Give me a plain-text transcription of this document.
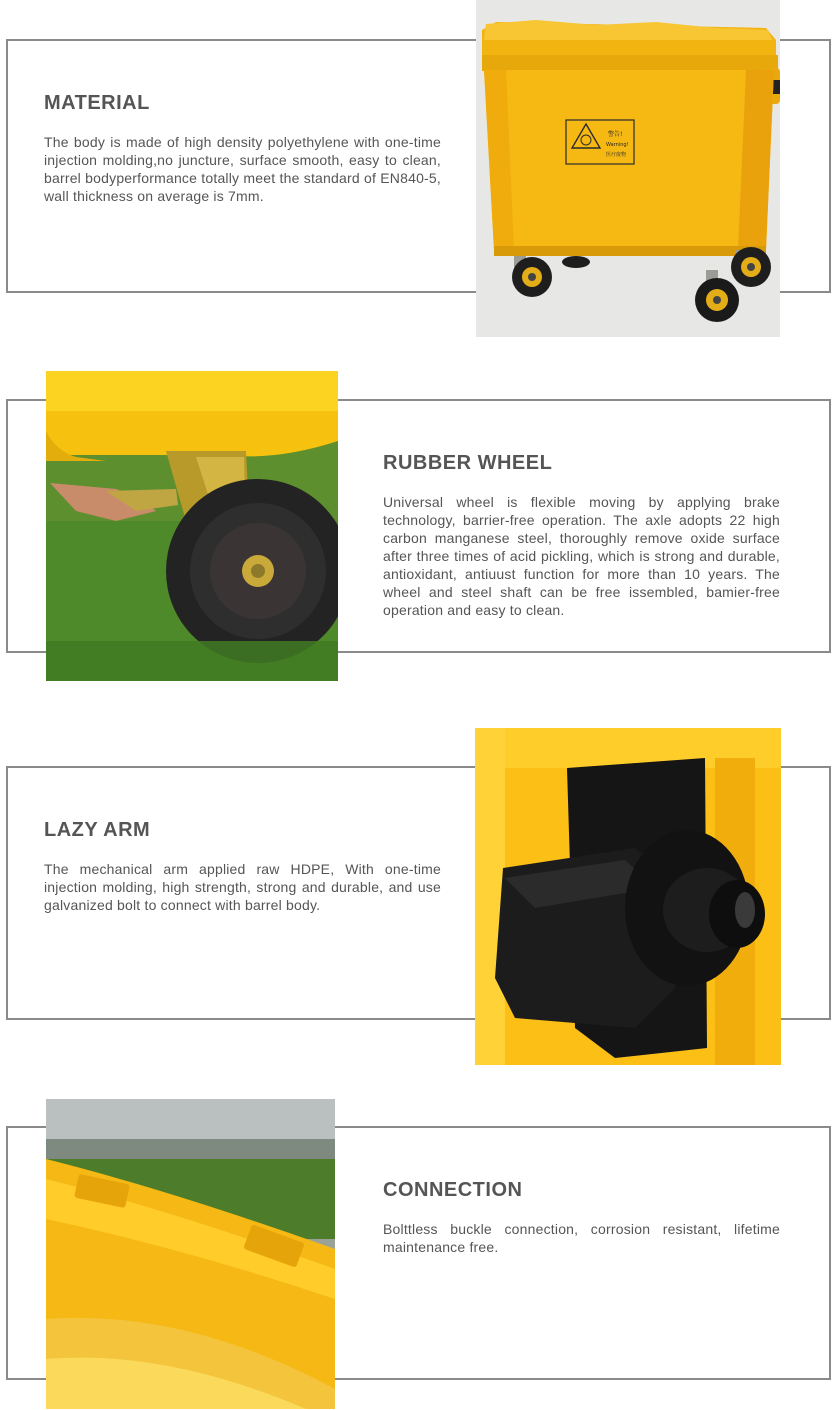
MATERIAL

The body is made of high density polyethylene with one-time injection molding,no juncture, surface smooth, easy to clean, barrel bodyperformance totally meet the standard of EN840-5, wall thickness on average is 7mm.

警告!
Warning!
医疗废物
RUBBER WHEEL

Universal wheel is flexible moving by applying brake technology, barrier-free operation. The axle adopts 22 high carbon manganese steel, thoroughly remove oxide surface after three times of acid pickling, which is strong and durable, antioxidant, antiuust function for more than 10 years. The wheel and steel shaft can be free issembled, bamier-free operation and easy to clean.

LAZY ARM

The mechanical arm applied raw HDPE, With one-time injection molding, high strength, strong and durable, and use galvanized bolt to connect with barrel body.

CONNECTION

Bolttless buckle connection, corrosion resistant, lifetime maintenance free.
